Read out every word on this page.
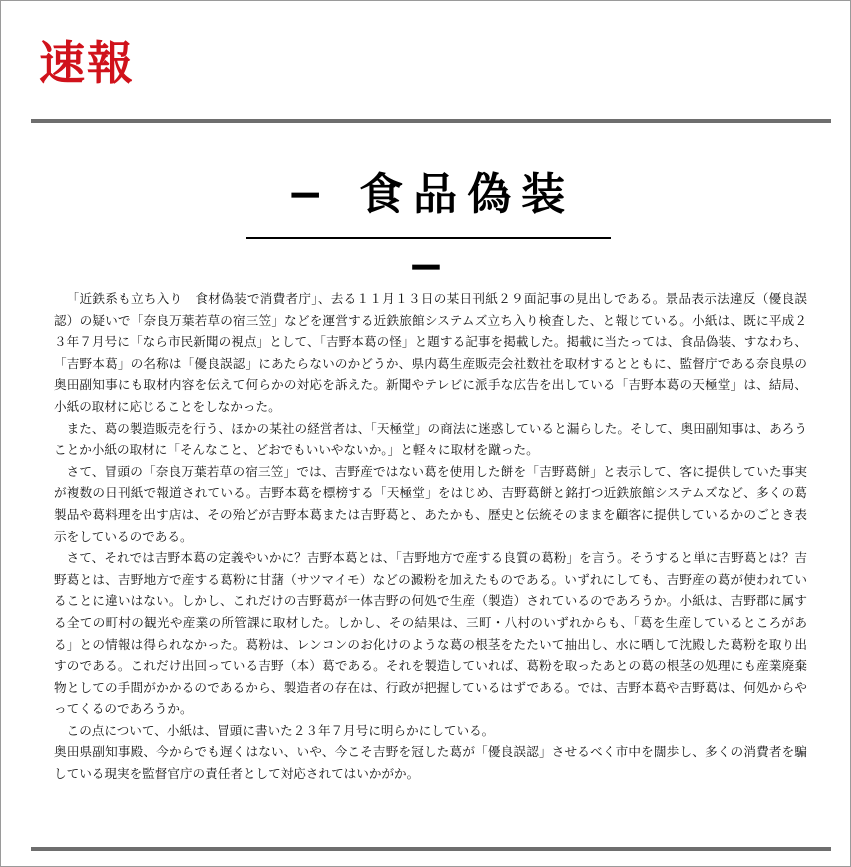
速報
− 食品偽装 −

「近鉄系も立ち入り　食材偽装で消費者庁」、去る１１月１３日の某日刊紙２９面記事の見出しである。景品表示法違反（優良誤認）の疑いで「奈良万葉若草の宿三笠」などを運営する近鉄旅館システムズ立ち入り検査した、と報じている。小紙は、既に平成２３年７月号に「なら市民新聞の視点」として、「吉野本葛の怪」と題する記事を掲載した。掲載に当たっては、食品偽装、すなわち、「吉野本葛」の名称は「優良誤認」にあたらないのかどうか、県内葛生産販売会社数社を取材するとともに、監督庁である奈良県の奥田副知事にも取材内容を伝えて何らかの対応を訴えた。新聞やテレビに派手な広告を出している「吉野本葛の天極堂」は、結局、小紙の取材に応じることをしなかった。

また、葛の製造販売を行う、ほかの某社の経営者は、「天極堂」の商法に迷惑していると漏らした。そして、奥田副知事は、あろうことか小紙の取材に「そんなこと、どおでもいいやないか。」と軽々に取材を蹴った。

さて、冒頭の「奈良万葉若草の宿三笠」では、吉野産ではない葛を使用した餅を「吉野葛餅」と表示して、客に提供していた事実が複数の日刊紙で報道されている。吉野本葛を標榜する「天極堂」をはじめ、吉野葛餅と銘打つ近鉄旅館システムズなど、多くの葛製品や葛料理を出す店は、その殆どが吉野本葛または吉野葛と、あたかも、歴史と伝統そのままを顧客に提供しているかのごとき表示をしているのである。

さて、それでは吉野本葛の定義やいかに？吉野本葛とは、「吉野地方で産する良質の葛粉」を言う。そうすると単に吉野葛とは？吉野葛とは、吉野地方で産する葛粉に甘藷（サツマイモ）などの澱粉を加えたものである。いずれにしても、吉野産の葛が使われていることに違いはない。しかし、これだけの吉野葛が一体吉野の何処で生産（製造）されているのであろうか。小紙は、吉野郡に属する全ての町村の観光や産業の所管課に取材した。しかし、その結果は、三町・八村のいずれからも、「葛を生産しているところがある」との情報は得られなかった。葛粉は、レンコンのお化けのような葛の根茎をたたいて抽出し、水に晒して沈殿した葛粉を取り出すのである。これだけ出回っている吉野（本）葛である。それを製造していれば、葛粉を取ったあとの葛の根茎の処理にも産業廃棄物としての手間がかかるのであるから、製造者の存在は、行政が把握しているはずである。では、吉野本葛や吉野葛は、何処からやってくるのであろうか。

この点について、小紙は、冒頭に書いた２３年７月号に明らかにしている。

奥田県副知事殿、今からでも遅くはない、いや、今こそ吉野を冠した葛が「優良誤認」させるべく市中を闊歩し、多くの消費者を騙している現実を監督官庁の責任者として対応されてはいかがか。
